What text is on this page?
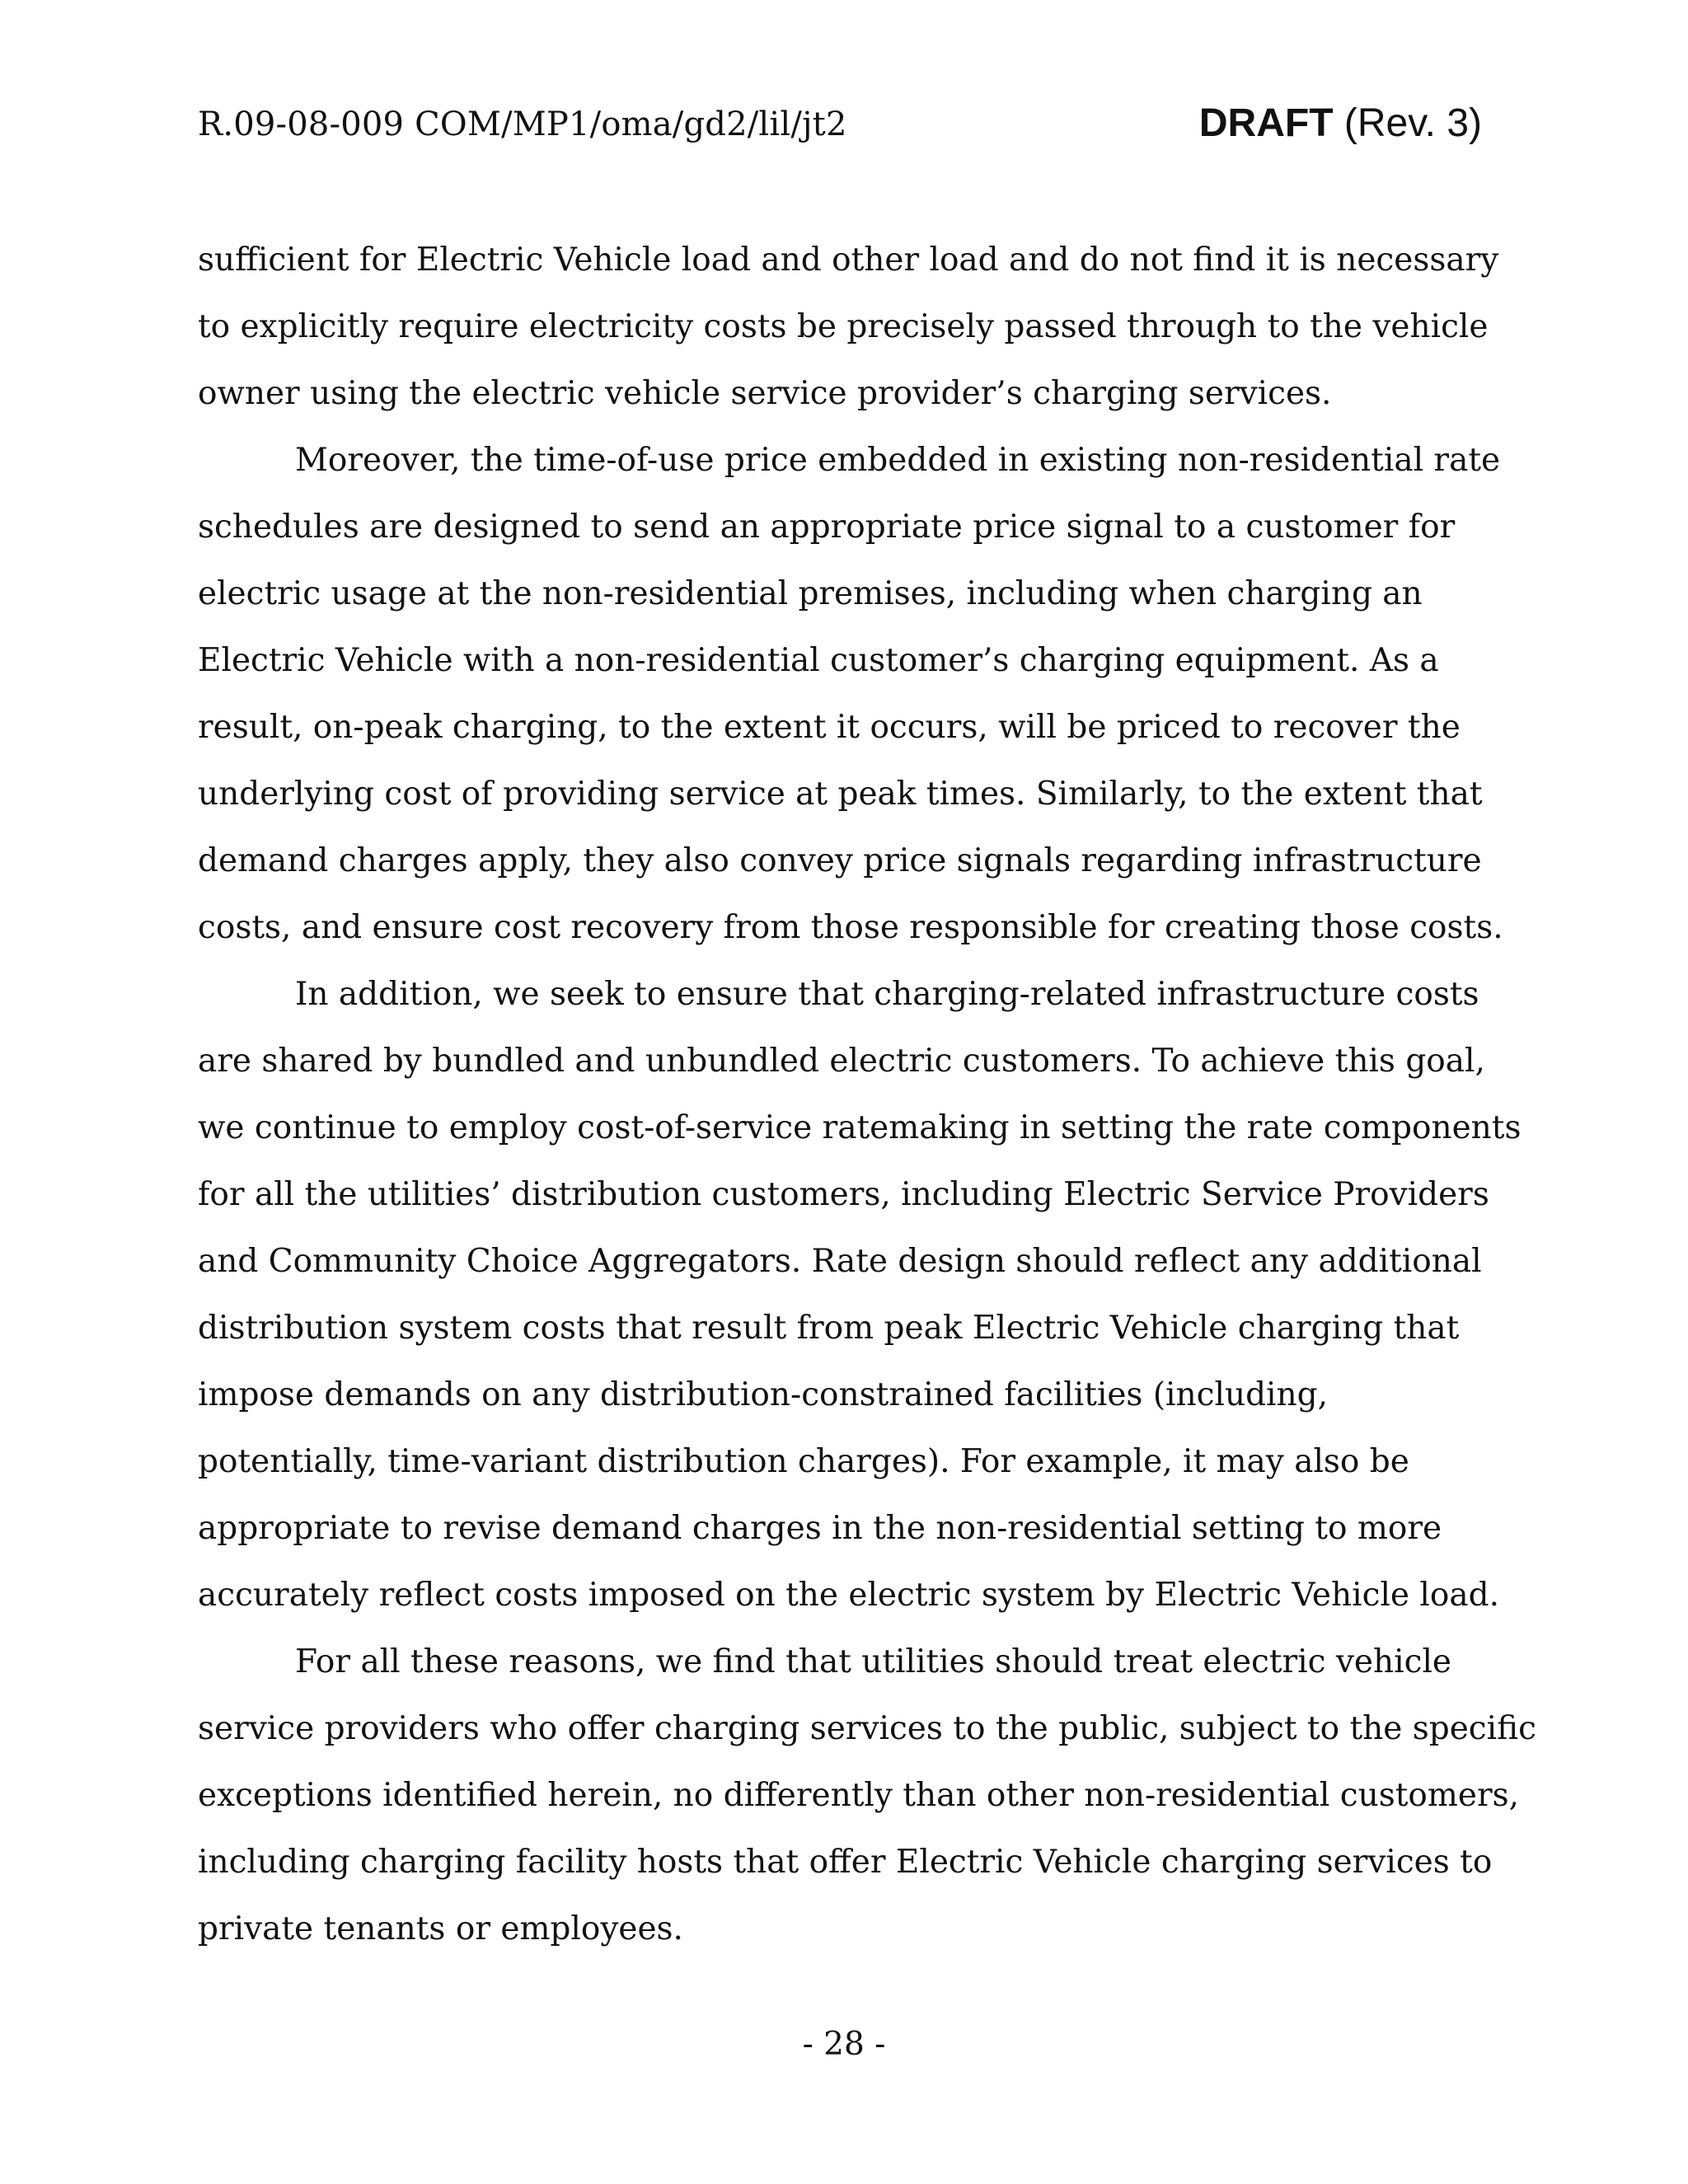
R.09-08-009 COM/MP1/oma/gd2/lil/jt2	DRAFT (Rev. 3)
sufficient for Electric Vehicle load and other load and do not find it is necessary
to explicitly require electricity costs be precisely passed through to the vehicle
owner using the electric vehicle service provider’s charging services.
Moreover, the time-of-use price embedded in existing non-residential rate
schedules are designed to send an appropriate price signal to a customer for
electric usage at the non-residential premises, including when charging an
Electric Vehicle with a non-residential customer’s charging equipment. As a
result, on-peak charging, to the extent it occurs, will be priced to recover the
underlying cost of providing service at peak times. Similarly, to the extent that
demand charges apply, they also convey price signals regarding infrastructure
costs, and ensure cost recovery from those responsible for creating those costs.
In addition, we seek to ensure that charging-related infrastructure costs
are shared by bundled and unbundled electric customers. To achieve this goal,
we continue to employ cost-of-service ratemaking in setting the rate components
for all the utilities’ distribution customers, including Electric Service Providers
and Community Choice Aggregators. Rate design should reflect any additional
distribution system costs that result from peak Electric Vehicle charging that
impose demands on any distribution-constrained facilities (including,
potentially, time-variant distribution charges). For example, it may also be
appropriate to revise demand charges in the non-residential setting to more
accurately reflect costs imposed on the electric system by Electric Vehicle load.
For all these reasons, we find that utilities should treat electric vehicle
service providers who offer charging services to the public, subject to the specific
exceptions identified herein, no differently than other non-residential customers,
including charging facility hosts that offer Electric Vehicle charging services to
private tenants or employees.
- 28 -
